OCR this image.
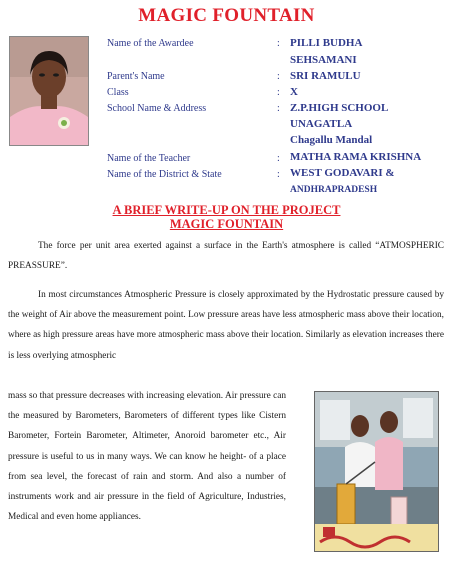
MAGIC FOUNTAIN
Name of the Awardee	: PILLI BUDHA
SEHSAMANI
Parent's Name	: SRI RAMULU
Class	: X
School Name & Address	: Z.P.HIGH SCHOOL
UNAGATLA
Chagallu Mandal
Name of the Teacher	: MATHA RAMA KRISHNA
Name of the District & State	: WEST GODAVARI &
ANDHRAPRADESH
A BRIEF WRITE-UP ON THE PROJECT
MAGIC FOUNTAIN
The force per unit area exerted against a surface in the Earth's atmosphere is called “ATMOSPHERIC PREASSURE”.
In most circumstances Atmospheric Pressure is closely approximated by the Hydrostatic pressure caused by the weight of Air above the measurement point. Low pressure areas have less atmospheric mass above their location, where as high pressure areas have more atmospheric mass above their location. Similarly as elevation increases there is less overlying atmospheric
mass so that pressure decreases with increasing elevation. Air pressure can the measured by Barometers, Barometers of different types like Cistern Barometer, Fortein Barometer, Altimeter, Anoroid barometer etc., Air pressure is useful to us in many ways. We can know he height- of a place from sea level, the forecast of rain and storm. And also a number of instruments work and air pressure in the field of Agriculture, Industries, Medical and even home appliances.
